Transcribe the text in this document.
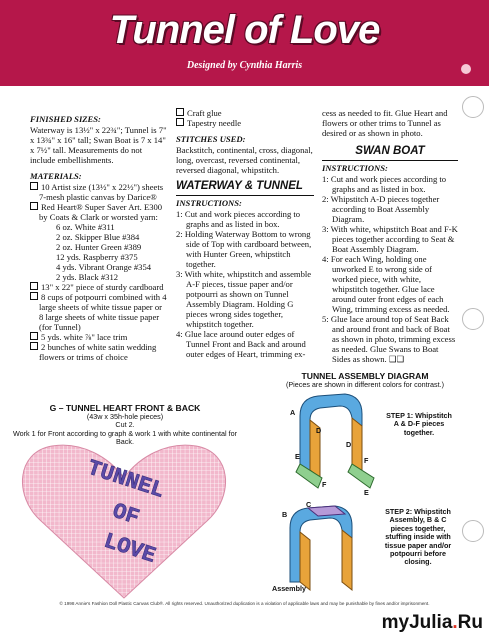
Tunnel of Love
Designed by Cynthia Harris

FINISHED SIZES:

Waterway is 13½" x 22¾"; Tunnel is 7" x 13¾" x 16" tall; Swan Boat is 7 x 14" x 7½" tall. Measurements do not include embellishments.

MATERIALS:

10 Artist size (13½" x 22½") sheets 7-mesh plastic canvas by Darice®
Red Heart® Super Saver Art. E300 by Coats & Clark or worsted yarn:
6 oz. White #311
2 oz. Skipper Blue #384
2 oz. Hunter Green #389
12 yds. Raspberry #375
4 yds. Vibrant Orange #354
2 yds. Black #312
13" x 22" piece of sturdy cardboard
8 cups of potpourri combined with 4 large sheets of white tissue paper or 8 large sheets of white tissue paper (for Tunnel)
5 yds. white ⅞" lace trim
2 bunches of white satin wedding flowers or trims of choice
Craft glue
Tapestry needle

STITCHES USED:

Backstitch, continental, cross, diagonal, long, overcast, reversed continental, reversed diagonal, whipstitch.

WATERWAY & TUNNEL

INSTRUCTIONS:

1: Cut and work pieces according to graphs and as listed in box.
2: Holding Waterway Bottom to wrong side of Top with cardboard between, with Hunter Green, whipstitch together.
3: With white, whipstitch and assemble A-F pieces, tissue paper and/or potpourri as shown on Tunnel Assembly Diagram. Holding G pieces wrong sides together, whipstitch together.
4: Glue lace around outer edges of Tunnel Front and Back and around outer edges of Heart, trimming ex-

cess as needed to fit. Glue Heart and flowers or other trims to Tunnel as desired or as shown in photo.

SWAN BOAT

INSTRUCTIONS:

1: Cut and work pieces according to graphs and as listed in box.
2: Whipstitch A-D pieces together according to Boat Assembly Diagram.
3: With white, whipstitch Boat and F-K pieces together according to Seat & Boat Assembly Diagram.
4: For each Wing, holding one unworked E to wrong side of worked piece, with white, whipstitch together. Glue lace around outer front edges of each Wing, trimming excess as needed.
5: Glue lace around top of Seat Back and around front and back of Boat as shown in photo, trimming excess as needed. Glue Swans to Boat Sides as shown. ❑❑
G – TUNNEL HEART FRONT & BACK
(43w x 35h-hole pieces)
Cut 2.
Work 1 for Front according to graph & work 1 with white continental for Back.
TUNNEL
OF
LOVE
TUNNEL ASSEMBLY DIAGRAM
(Pieces are shown in different colors for contrast.)
A
D
E
D
E
F
F
B
C
Assembly
STEP 1: Whipstitch A & D-F pieces together.
STEP 2: Whipstitch Assembly, B & C pieces together, stuffing inside with tissue paper and/or potpourri before closing.
© 1998 Annie's Fashion Doll Plastic Canvas Club®. All rights reserved. Unauthorized duplication is a violation of applicable laws and may be punishable by fines and/or imprisonment.
myJulia.Ru
